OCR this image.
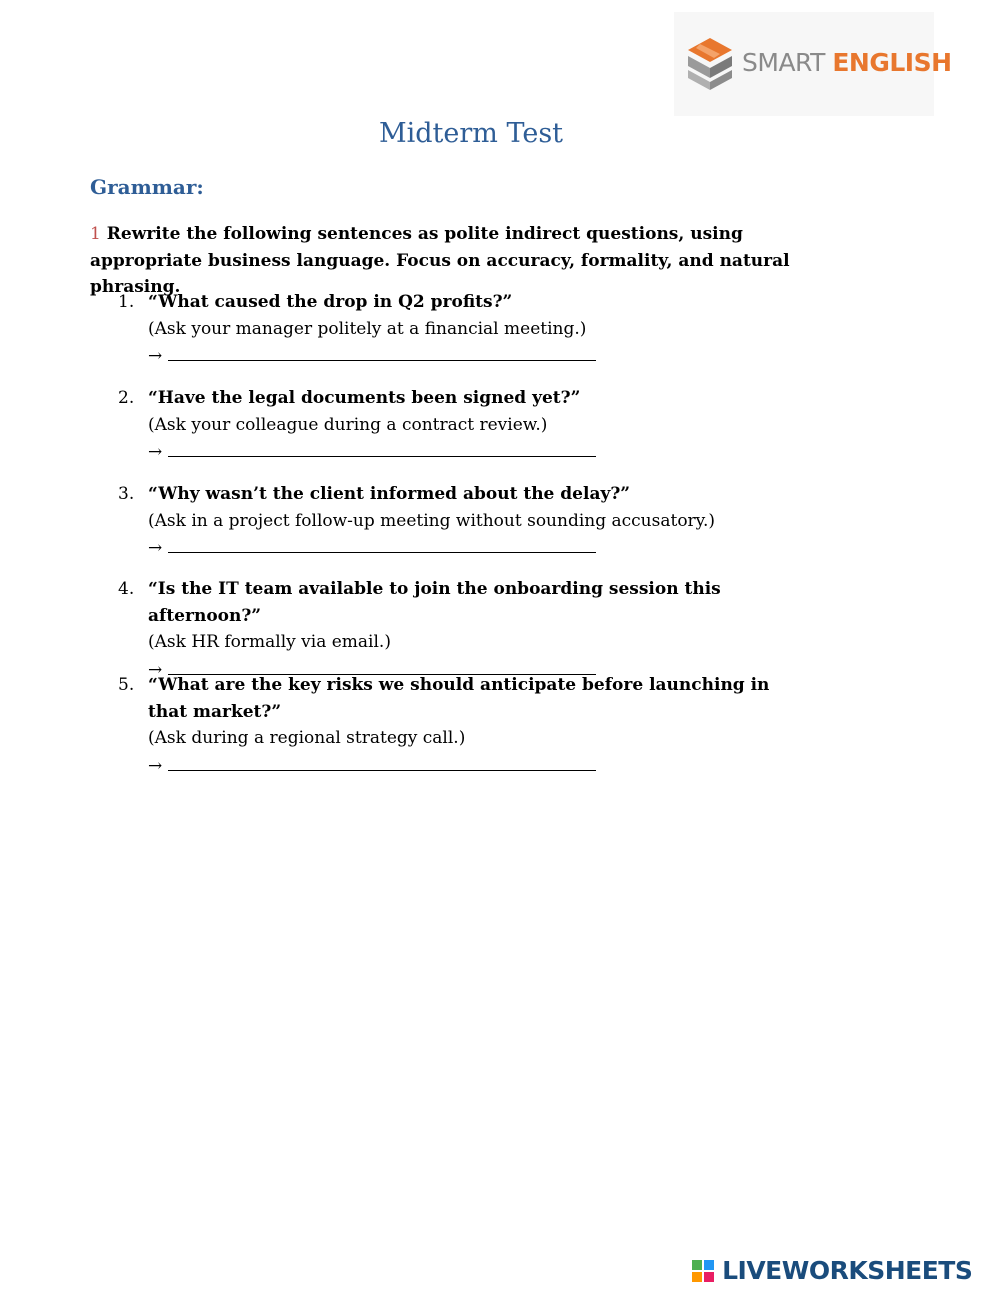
SMART ENGLISH
Midterm Test
Grammar:
1 Rewrite the following sentences as polite indirect questions, using appropriate business language. Focus on accuracy, formality, and natural phrasing.
1. “What caused the drop in Q2 profits?”
(Ask your manager politely at a financial meeting.)
→
2. “Have the legal documents been signed yet?”
(Ask your colleague during a contract review.)
→
3. “Why wasn’t the client informed about the delay?”
(Ask in a project follow-up meeting without sounding accusatory.)
→
4. “Is the IT team available to join the onboarding session this afternoon?”
(Ask HR formally via email.)
→
5. “What are the key risks we should anticipate before launching in that market?”
(Ask during a regional strategy call.)
→
LIVEWORKSHEETS
